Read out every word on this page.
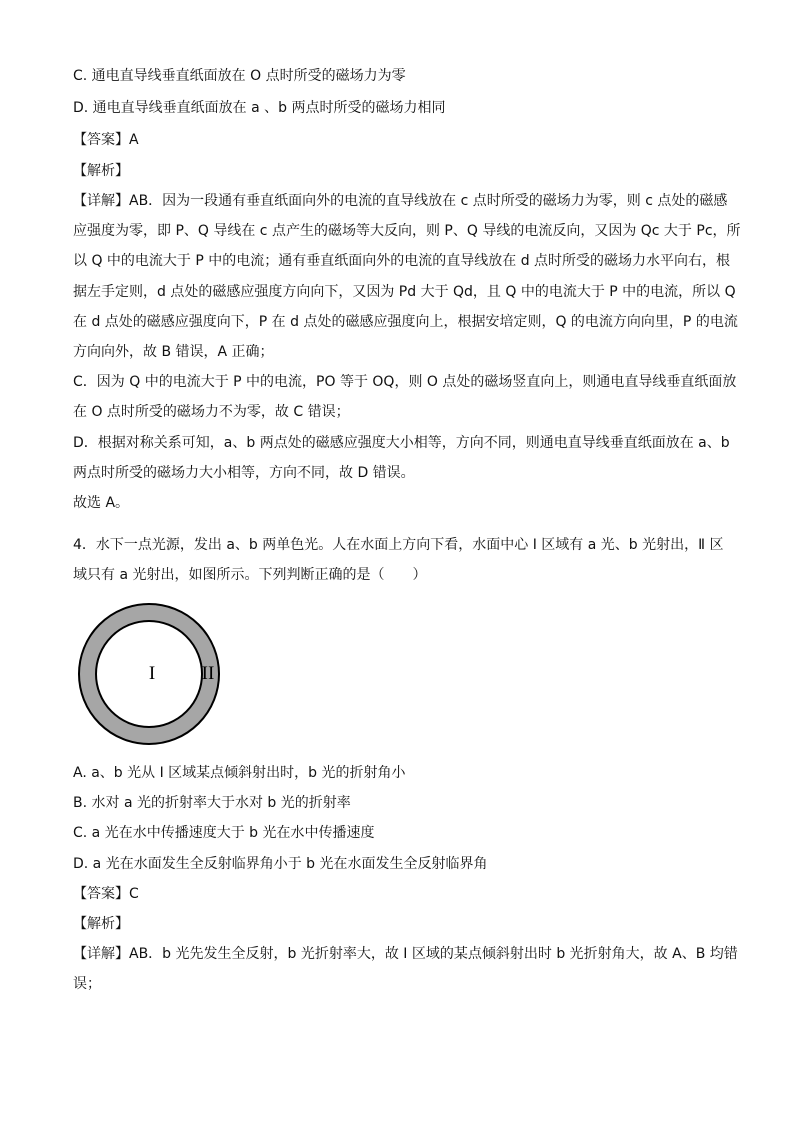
C. 通电直导线垂直纸面放在 O 点时所受的磁场力为零
D. 通电直导线垂直纸面放在 a 、b 两点时所受的磁场力相同
【答案】A
【解析】
【详解】AB．因为一段通有垂直纸面向外的电流的直导线放在 c 点时所受的磁场力为零，则 c 点处的磁感
应强度为零，即 P、Q 导线在 c 点产生的磁场等大反向，则 P、Q 导线的电流反向，又因为 Qc 大于 Pc，所
以 Q 中的电流大于 P 中的电流；通有垂直纸面向外的电流的直导线放在 d 点时所受的磁场力水平向右，根
据左手定则，d 点处的磁感应强度方向向下，又因为 Pd 大于 Qd，且 Q 中的电流大于 P 中的电流，所以 Q
在 d 点处的磁感应强度向下，P 在 d 点处的磁感应强度向上，根据安培定则，Q 的电流方向向里，P 的电流
方向向外，故 B 错误，A 正确；
C．因为 Q 中的电流大于 P 中的电流，PO 等于 OQ，则 O 点处的磁场竖直向上，则通电直导线垂直纸面放
在 O 点时所受的磁场力不为零，故 C 错误；
D．根据对称关系可知，a、b 两点处的磁感应强度大小相等，方向不同，则通电直导线垂直纸面放在 a、b
两点时所受的磁场力大小相等，方向不同，故 D 错误。
故选 A。
4．水下一点光源，发出 a、b 两单色光。人在水面上方向下看，水面中心 Ⅰ 区域有 a 光、b 光射出，Ⅱ 区
域只有 a 光射出，如图所示。下列判断正确的是（　　）
I II
A. a、b 光从 Ⅰ 区域某点倾斜射出时，b 光的折射角小
B. 水对 a 光的折射率大于水对 b 光的折射率
C. a 光在水中传播速度大于 b 光在水中传播速度
D. a 光在水面发生全反射临界角小于 b 光在水面发生全反射临界角
【答案】C
【解析】
【详解】AB．b 光先发生全反射，b 光折射率大，故 Ⅰ 区域的某点倾斜射出时 b 光折射角大，故 A、B 均错
误；
